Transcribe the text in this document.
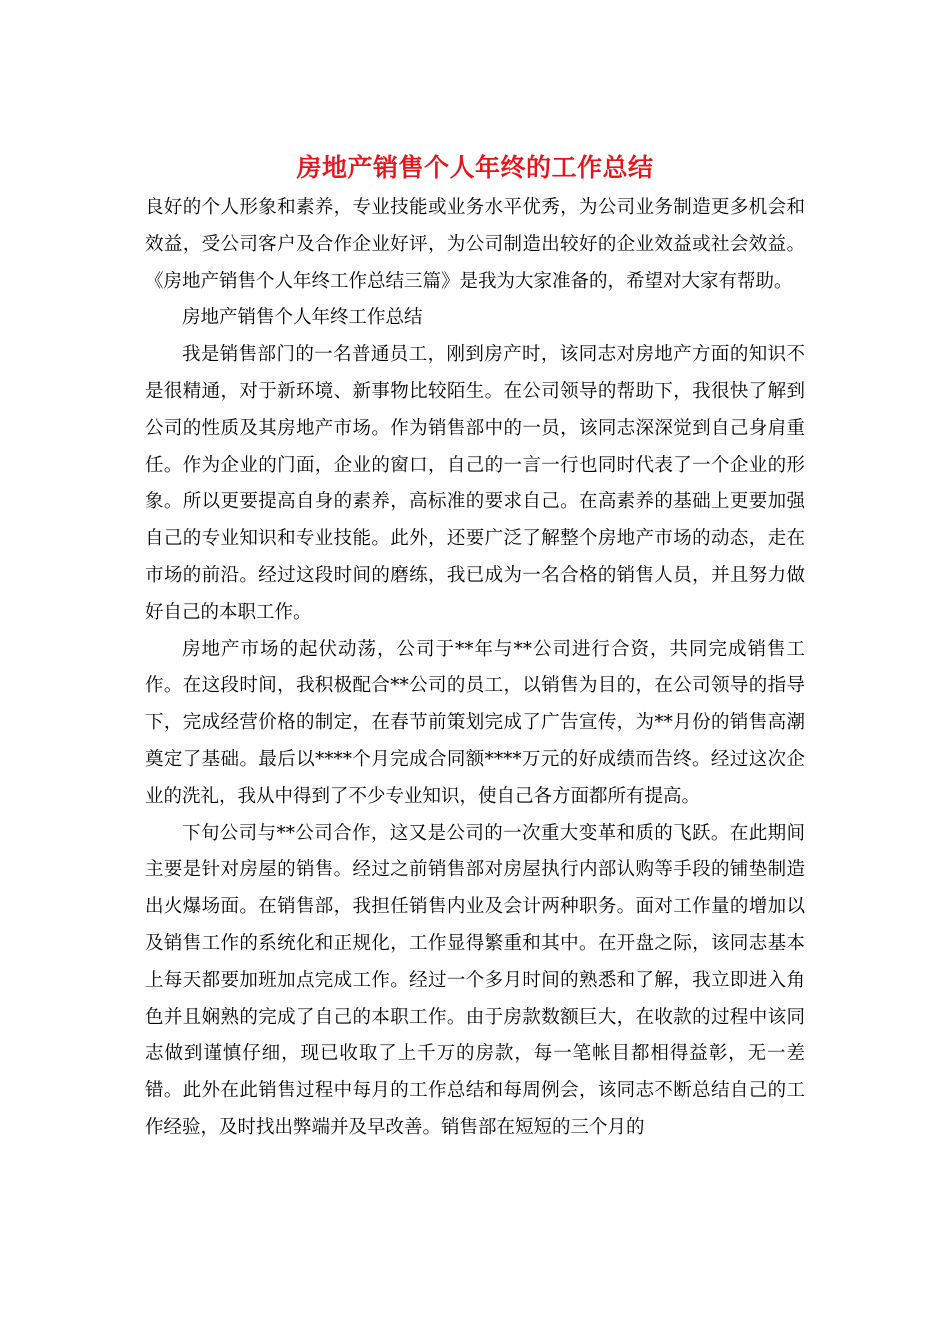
房地产销售个人年终的工作总结

良好的个人形象和素养，专业技能或业务水平优秀，为公司业务制造更多机会和效益，受公司客户及合作企业好评，为公司制造出较好的企业效益或社会效益。《房地产销售个人年终工作总结三篇》是我为大家准备的，希望对大家有帮助。

房地产销售个人年终工作总结

我是销售部门的一名普通员工，刚到房产时，该同志对房地产方面的知识不是很精通，对于新环境、新事物比较陌生。在公司领导的帮助下，我很快了解到公司的性质及其房地产市场。作为销售部中的一员，该同志深深觉到自己身肩重任。作为企业的门面，企业的窗口，自己的一言一行也同时代表了一个企业的形象。所以更要提高自身的素养，高标准的要求自己。在高素养的基础上更要加强自己的专业知识和专业技能。此外，还要广泛了解整个房地产市场的动态，走在市场的前沿。经过这段时间的磨练，我已成为一名合格的销售人员，并且努力做好自己的本职工作。

房地产市场的起伏动荡，公司于**年与**公司进行合资，共同完成销售工作。在这段时间，我积极配合**公司的员工，以销售为目的，在公司领导的指导下，完成经营价格的制定，在春节前策划完成了广告宣传，为**月份的销售高潮奠定了基础。最后以****个月完成合同额****万元的好成绩而告终。经过这次企业的洗礼，我从中得到了不少专业知识，使自己各方面都所有提高。

下旬公司与**公司合作，这又是公司的一次重大变革和质的飞跃。在此期间主要是针对房屋的销售。经过之前销售部对房屋执行内部认购等手段的铺垫制造出火爆场面。在销售部，我担任销售内业及会计两种职务。面对工作量的增加以及销售工作的系统化和正规化，工作显得繁重和其中。在开盘之际，该同志基本上每天都要加班加点完成工作。经过一个多月时间的熟悉和了解，我立即进入角色并且娴熟的完成了自己的本职工作。由于房款数额巨大，在收款的过程中该同志做到谨慎仔细，现已收取了上千万的房款，每一笔帐目都相得益彰，无一差错。此外在此销售过程中每月的工作总结和每周例会，该同志不断总结自己的工作经验，及时找出弊端并及早改善。销售部在短短的三个月的
